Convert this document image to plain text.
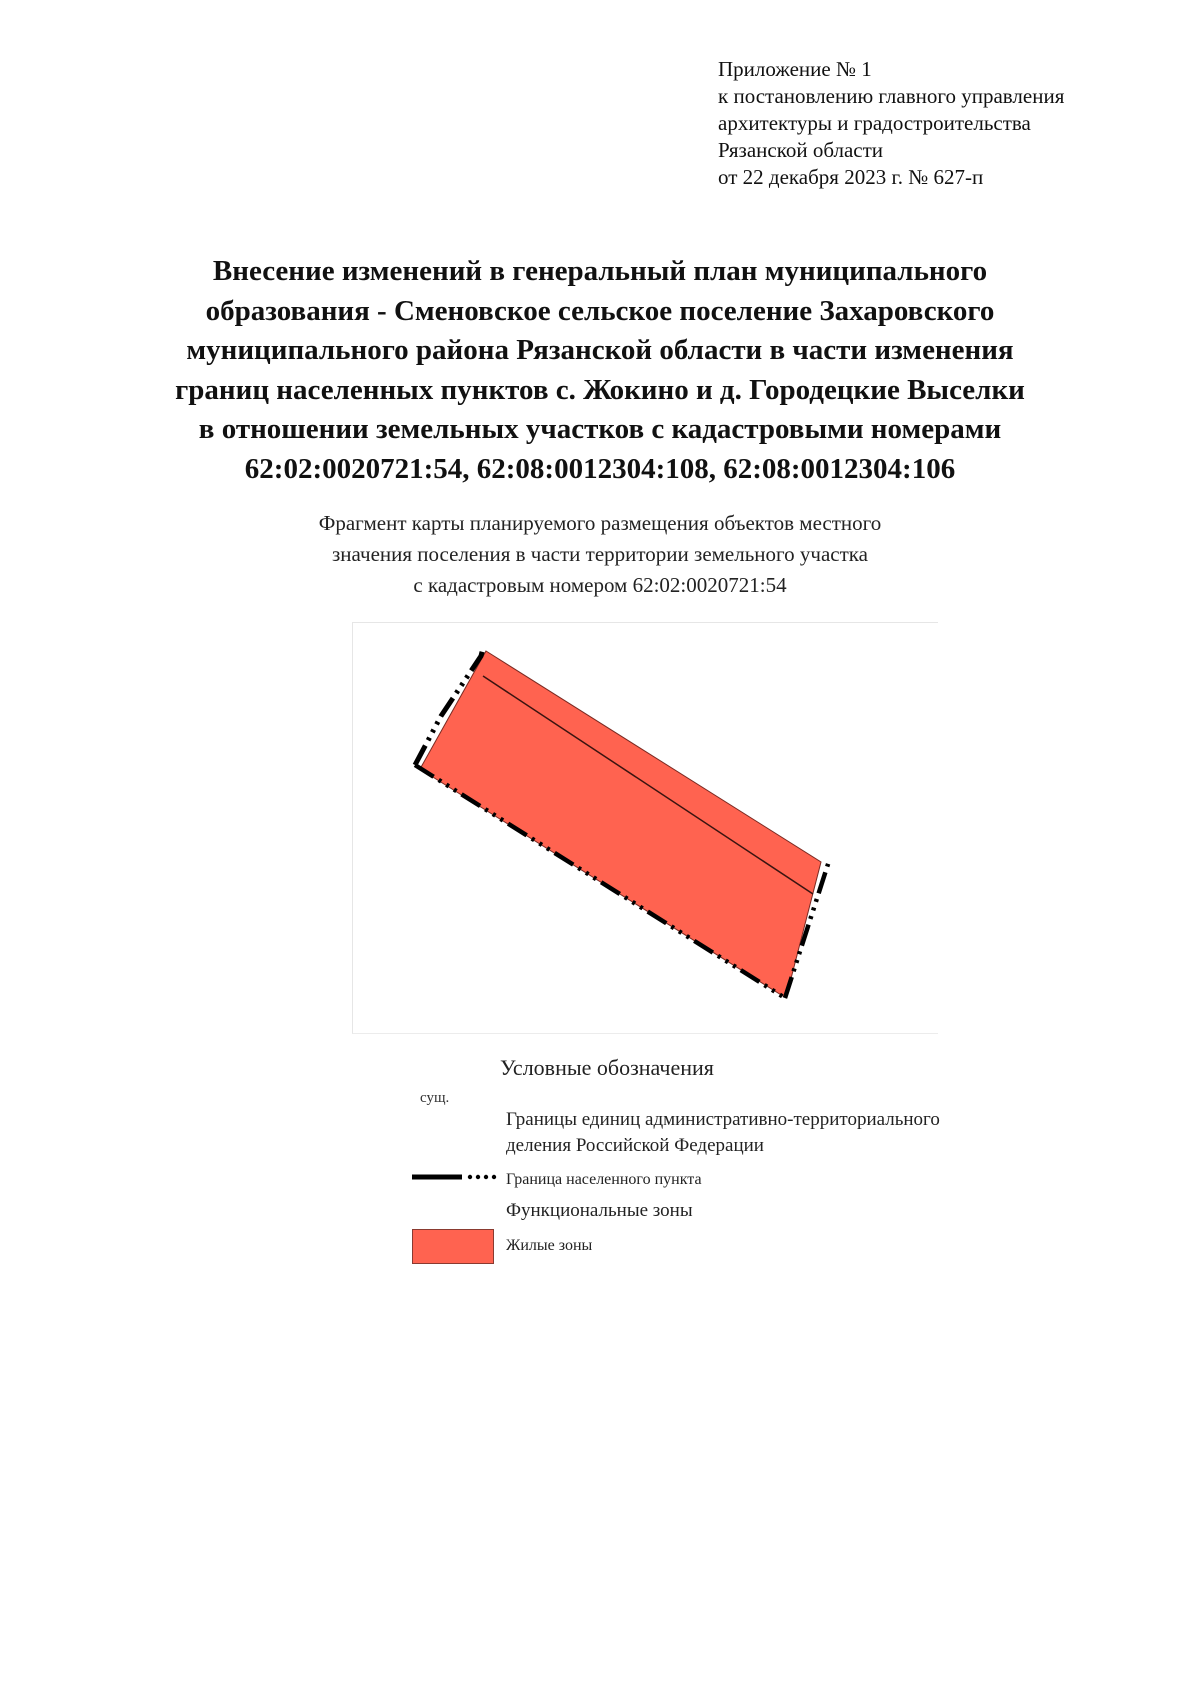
Приложение № 1
к постановлению главного управления
архитектуры и градостроительства
Рязанской области
от 22 декабря 2023 г. № 627-п
Внесение изменений в генеральный план муниципального
образования - Сменовское сельское поселение Захаровского
муниципального района Рязанской области в части изменения
границ населенных пунктов с. Жокино и д. Городецкие Выселки
в отношении земельных участков с кадастровыми номерами
62:02:0020721:54, 62:08:0012304:108, 62:08:0012304:106
Фрагмент карты планируемого размещения объектов местного
значения поселения в части территории земельного участка
с кадастровым номером 62:02:0020721:54
Условные обозначения
сущ.
Границы единиц административно-территориального
деления Российской Федерации
Граница населенного пункта
Функциональные зоны
Жилые зоны
